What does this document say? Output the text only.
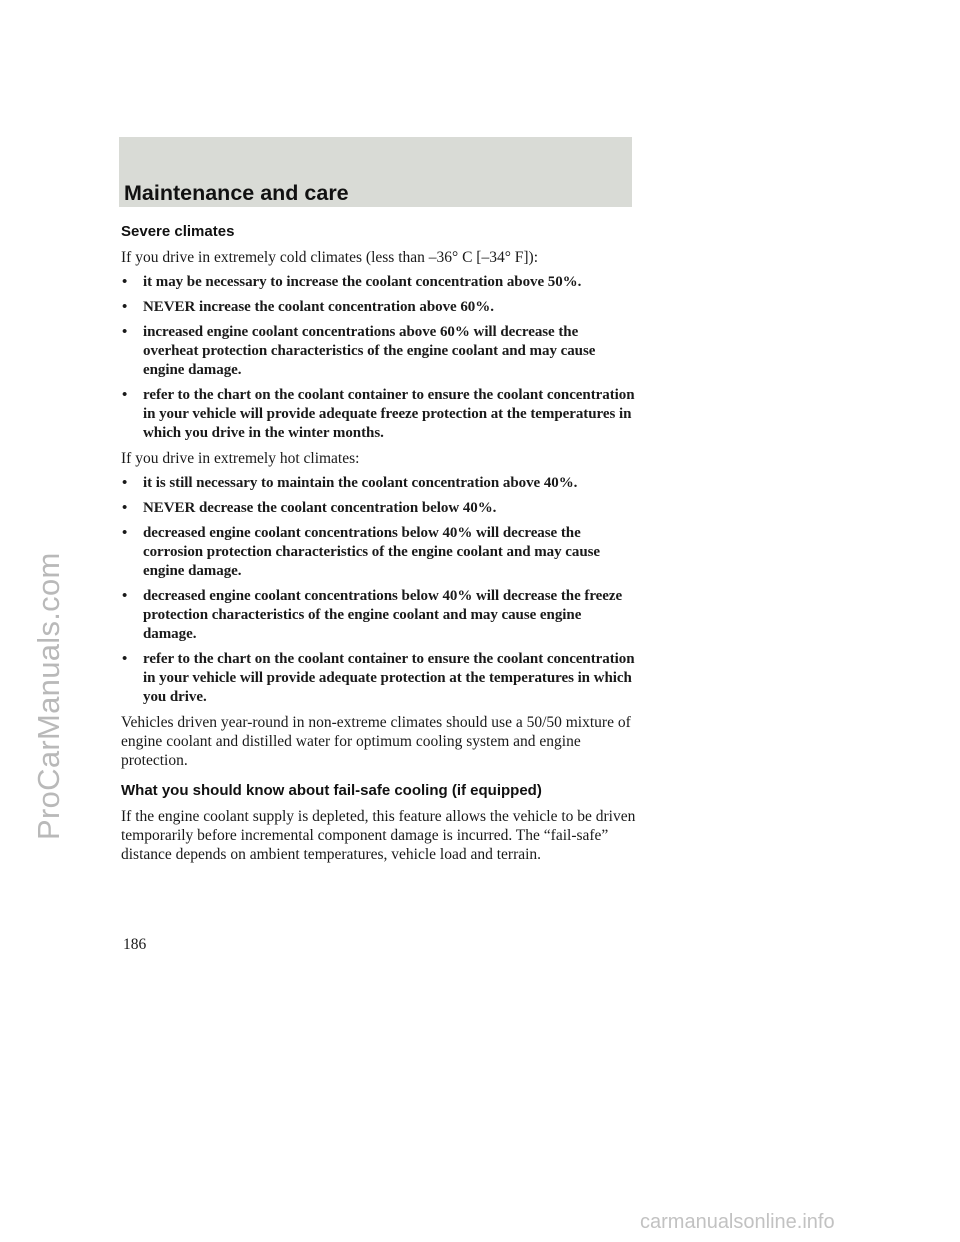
Maintenance and care
Severe climates

If you drive in extremely cold climates (less than –36° C [–34° F]):

• it may be necessary to increase the coolant concentration above 50%.
• NEVER increase the coolant concentration above 60%.
• increased engine coolant concentrations above 60% will decrease the overheat protection characteristics of the engine coolant and may cause engine damage.
• refer to the chart on the coolant container to ensure the coolant concentration in your vehicle will provide adequate freeze protection at the temperatures in which you drive in the winter months.

If you drive in extremely hot climates:

• it is still necessary to maintain the coolant concentration above 40%.
• NEVER decrease the coolant concentration below 40%.
• decreased engine coolant concentrations below 40% will decrease the corrosion protection characteristics of the engine coolant and may cause engine damage.
• decreased engine coolant concentrations below 40% will decrease the freeze protection characteristics of the engine coolant and may cause engine damage.
• refer to the chart on the coolant container to ensure the coolant concentration in your vehicle will provide adequate protection at the temperatures in which you drive.

Vehicles driven year-round in non-extreme climates should use a 50/50 mixture of engine coolant and distilled water for optimum cooling system and engine protection.

What you should know about fail-safe cooling (if equipped)

If the engine coolant supply is depleted, this feature allows the vehicle to be driven temporarily before incremental component damage is incurred. The “fail-safe” distance depends on ambient temperatures, vehicle load and terrain.

186
ProCarManuals.com
carmanualsonline.info
